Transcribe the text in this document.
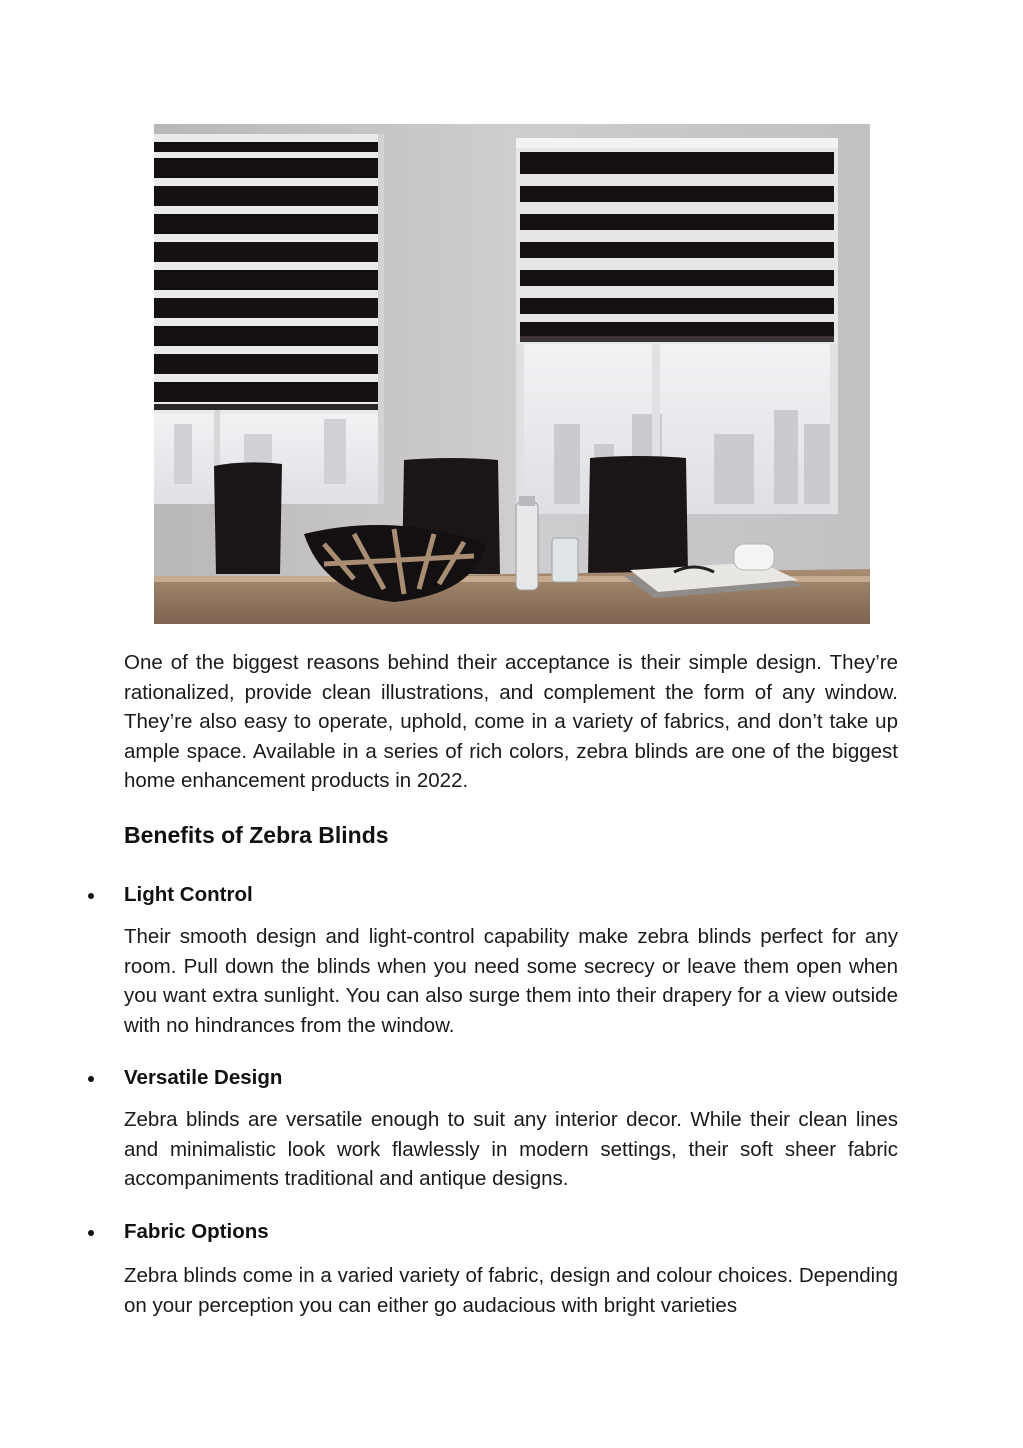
One of the biggest reasons behind their acceptance is their simple design. They’re rationalized, provide clean illustrations, and complement the form of any window. They’re also easy to operate, uphold, come in a variety of fabrics, and don’t take up ample space. Available in a series of rich colors, zebra blinds are one of the biggest home enhancement products in 2022.

Benefits of Zebra Blinds
Light Control

Their smooth design and light-control capability make zebra blinds perfect for any room. Pull down the blinds when you need some secrecy or leave them open when you want extra sunlight. You can also surge them into their drapery for a view outside with no hindrances from the window.

Versatile Design

Zebra blinds are versatile enough to suit any interior decor. While their clean lines and minimalistic look work flawlessly in modern settings, their soft sheer fabric accompaniments traditional and antique designs.

Fabric Options

Zebra blinds come in a varied variety of fabric, design and colour choices. Depending on your perception you can either go audacious with bright varieties
